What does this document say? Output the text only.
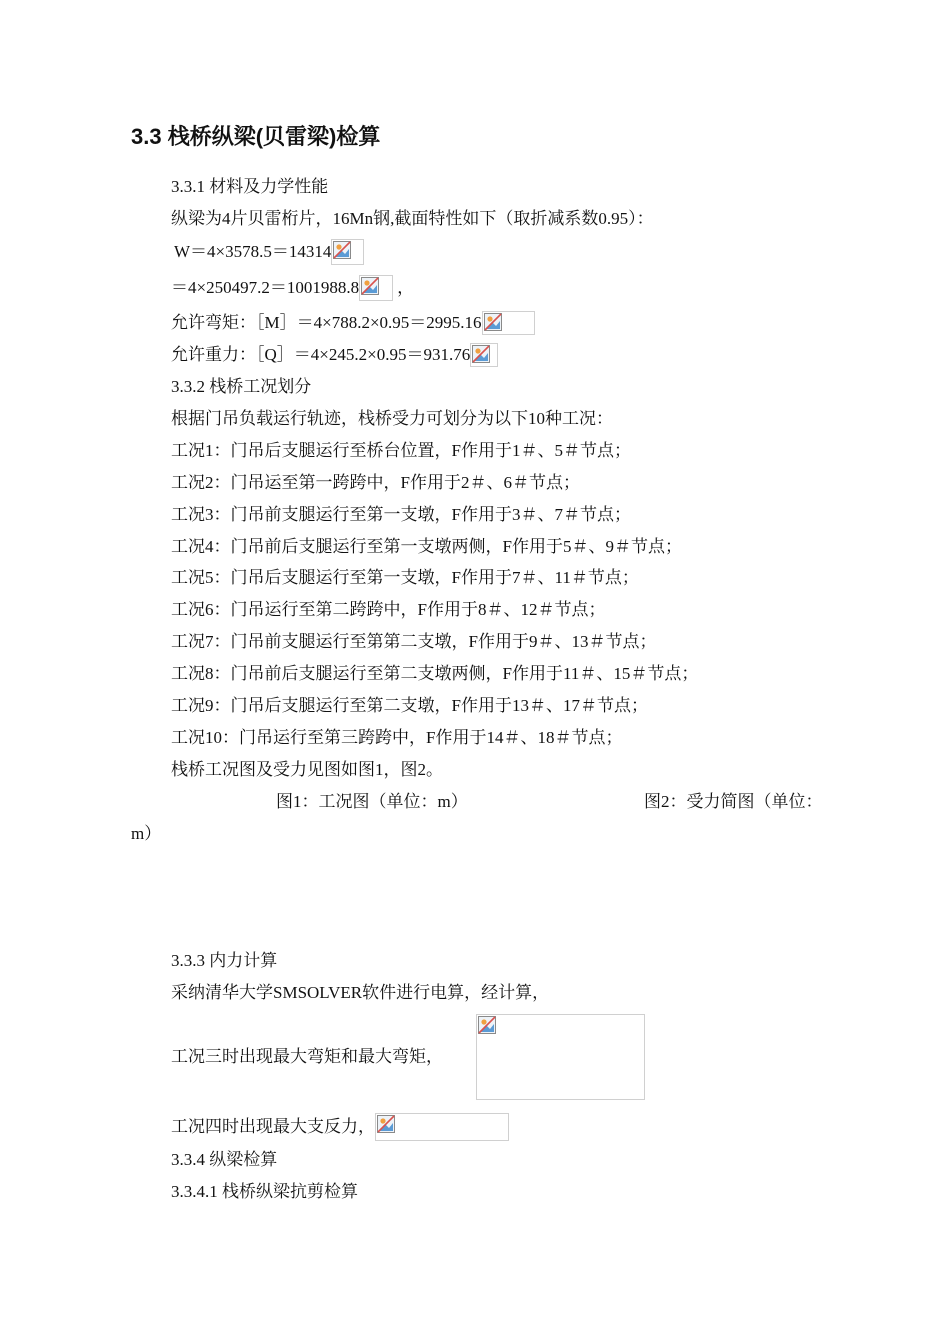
3.3 栈桥纵梁(贝雷梁)检算
3.3.1 材料及力学性能
纵梁为4片贝雷桁片，16Mn钢,截面特性如下（取折减系数0.95）：
W＝4×3578.5＝14314
＝4×250497.2＝1001988.8 ，
允许弯矩：［M］＝4×788.2×0.95＝2995.16
允许重力：［Q］＝4×245.2×0.95＝931.76
3.3.2 栈桥工况划分
根据门吊负载运行轨迹，栈桥受力可划分为以下10种工况：
工况1：门吊后支腿运行至桥台位置，F作用于1＃、5＃节点；
工况2：门吊运至第一跨跨中，F作用于2＃、6＃节点；
工况3：门吊前支腿运行至第一支墩，F作用于3＃、7＃节点；
工况4：门吊前后支腿运行至第一支墩两侧，F作用于5＃、9＃节点；
工况5：门吊后支腿运行至第一支墩，F作用于7＃、11＃节点；
工况6：门吊运行至第二跨跨中，F作用于8＃、12＃节点；
工况7：门吊前支腿运行至第第二支墩，F作用于9＃、13＃节点；
工况8：门吊前后支腿运行至第二支墩两侧，F作用于11＃、15＃节点；
工况9：门吊后支腿运行至第二支墩，F作用于13＃、17＃节点；
工况10：门吊运行至第三跨跨中，F作用于14＃、18＃节点；
栈桥工况图及受力见图如图1，图2。
图1：工况图（单位：m）	图2：受力简图（单位：
m）
3.3.3 内力计算
采纳清华大学SMSOLVER软件进行电算，经计算，
工况三时出现最大弯矩和最大弯矩，
工况四时出现最大支反力，
3.3.4 纵梁检算
3.3.4.1 栈桥纵梁抗剪检算
